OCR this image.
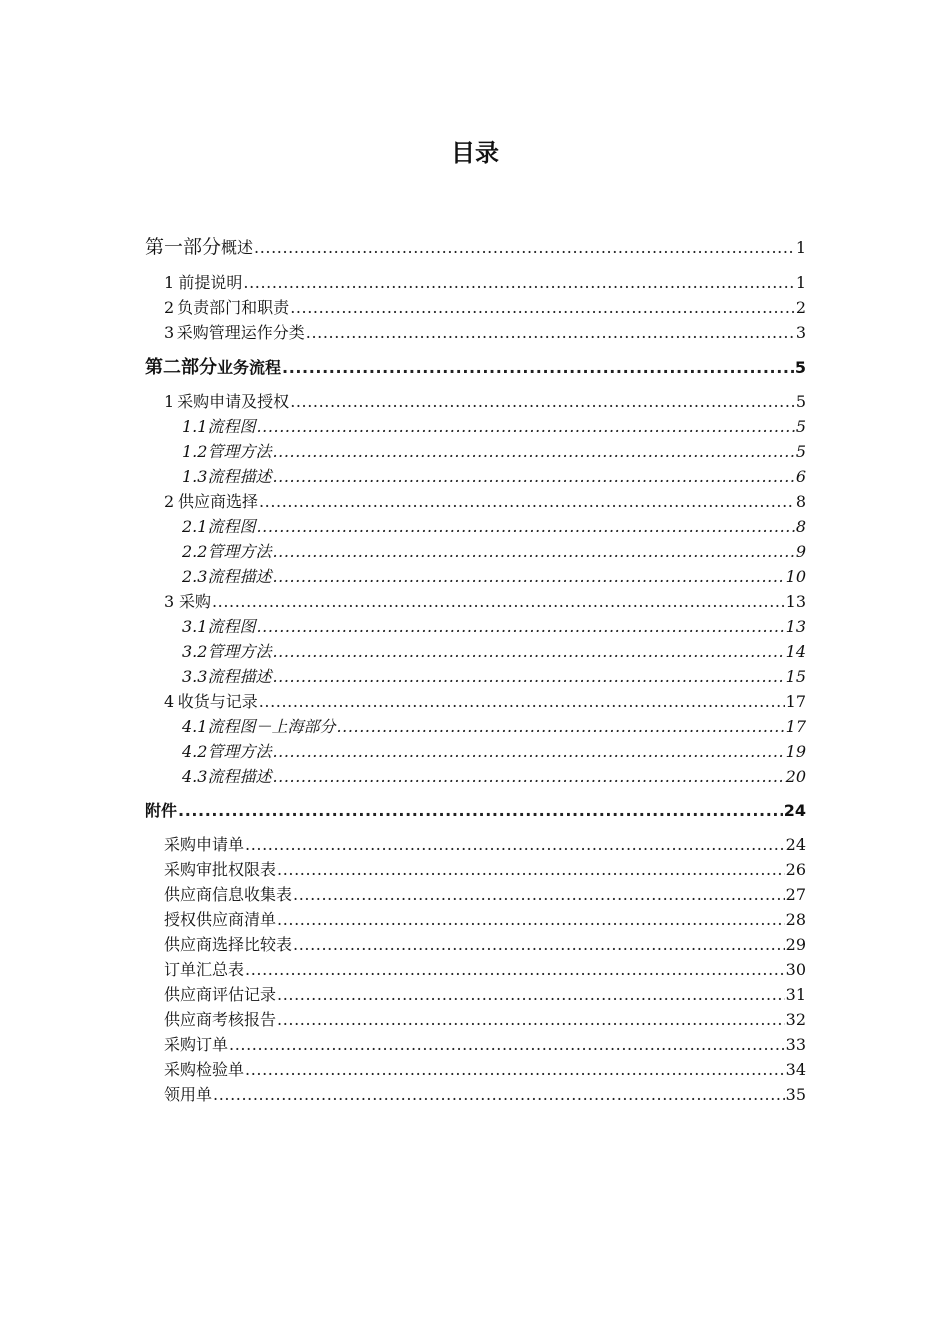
目录
第一部分 概述 .....	1
1 前提说明 .....	1
2 负责部门和职责 .....	2
3 采购管理运作分类 .....	3
第二部分 业务流程 .....	5
1 采购申请及授权 .....	5
1.1 流程图 .....	5
1.2 管理方法 .....	5
1.3 流程描述 .....	6
2 供应商选择 .....	8
2.1 流程图 .....	8
2.2 管理方法 .....	9
2.3 流程描述 .....	10
3 采购 .....	13
3.1 流程图 .....	13
3.2 管理方法 .....	14
3.3 流程描述 .....	15
4 收货与记录 .....	17
4.1 流程图－上海部分 .....	17
4.2 管理方法 .....	19
4.3 流程描述 .....	20
附件 .....	24
采购申请单 .....	24
采购审批权限表 .....	26
供应商信息收集表 .....	27
授权供应商清单 .....	28
供应商选择比较表 .....	29
订单汇总表 .....	30
供应商评估记录 .....	31
供应商考核报告 .....	32
采购订单 .....	33
采购检验单 .....	34
领用单 .....	35
